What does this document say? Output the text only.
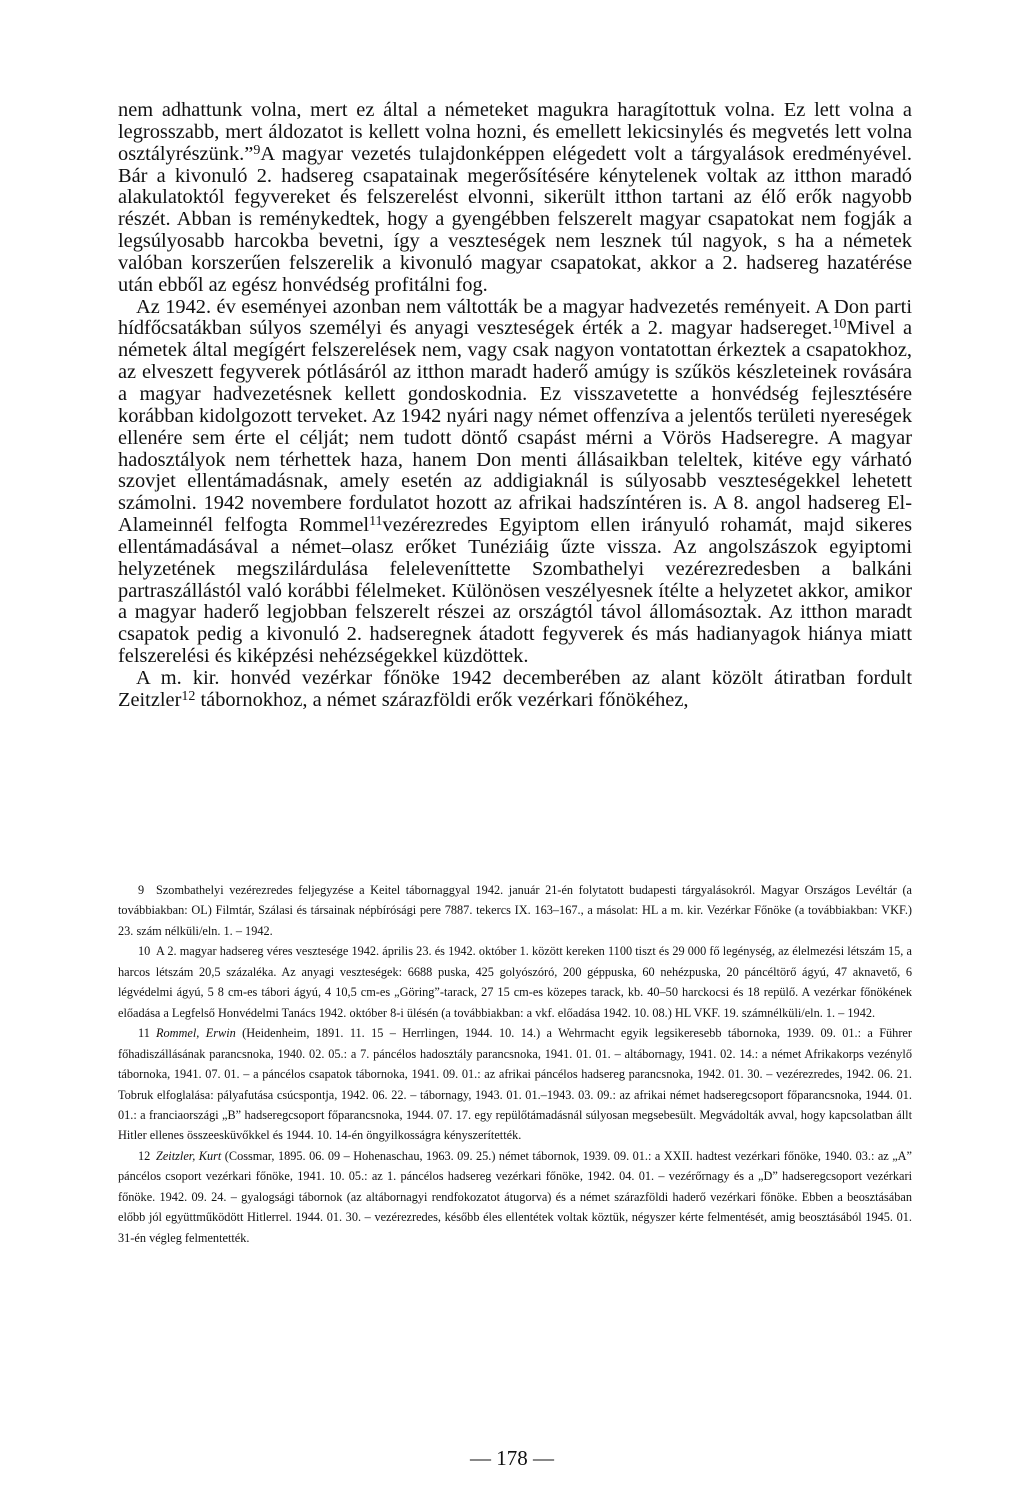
nem adhattunk volna, mert ez által a németeket magukra haragítottuk volna. Ez lett volna a legrosszabb, mert áldozatot is kellett volna hozni, és emellett lekicsinylés és megvetés lett volna osztályrészünk.”$^9$A magyar vezetés tulajdonképpen elégedett volt a tárgyalások eredményével. Bár a kivonuló 2. hadsereg csapatainak megerősítésére kénytelenek voltak az itthon maradó alakulatoktól fegyvereket és felszerelést elvonni, sikerült itthon tartani az élő erők nagyobb részét. Abban is reménykedtek, hogy a gyengébben felszerelt magyar csapatokat nem fogják a legsúlyosabb harcokba bevetni, így a veszteségek nem lesznek túl nagyok, s ha a németek valóban korszerűen felszerelik a kivonuló magyar csapatokat, akkor a 2. hadsereg hazatérése után ebből az egész honvédség profitálni fog.

Az 1942. év eseményei azonban nem váltották be a magyar hadvezetés reményeit. A Don parti hídfőcsatákban súlyos személyi és anyagi veszteségek érték a 2. magyar hadsereget.$^{10}$Mivel a németek által megígért felszerelések nem, vagy csak nagyon vontatottan érkeztek a csapatokhoz, az elveszett fegyverek pótlásáról az itthon maradt haderő amúgy is szűkös készleteinek rovására a magyar hadvezetésnek kellett gondoskodnia. Ez visszavetette a honvédség fejlesztésére korábban kidolgozott terveket. Az 1942 nyári nagy német offenzíva a jelentős területi nyereségek ellenére sem érte el célját; nem tudott döntő csapást mérni a Vörös Hadseregre. A magyar hadosztályok nem térhettek haza, hanem Don menti állásaikban teleltek, kitéve egy várható szovjet ellentámadásnak, amely esetén az addigiaknál is súlyosabb veszteségekkel lehetett számolni. 1942 novembere fordulatot hozott az afrikai hadszíntéren is. A 8. angol hadsereg El-Alameinnél felfogta Rommel$^{11}$vezérezredes Egyiptom ellen irányuló rohamát, majd sikeres ellentámadásával a német–olasz erőket Tunéziáig űzte vissza. Az angolszászok egyiptomi helyzetének megszilárdulása feleleveníttette Szombathelyi vezérezredesben a balkáni partraszállástól való korábbi félelmeket. Különösen veszélyesnek ítélte a helyzetet akkor, amikor a magyar haderő legjobban felszerelt részei az országtól távol állomásoztak. Az itthon maradt csapatok pedig a kivonuló 2. hadseregnek átadott fegyverek és más hadianyagok hiánya miatt felszerelési és kiképzési nehézségekkel küzdöttek.

A m. kir. honvéd vezérkar főnöke 1942 decemberében az alant közölt átiratban fordult Zeitzler$^{12}$ tábornokhoz, a német szárazföldi erők vezérkari főnökéhez,

9 Szombathelyi vezérezredes feljegyzése a Keitel tábornaggyal 1942. január 21-én folytatott budapesti tárgyalásokról. Magyar Országos Levéltár (a továbbiakban: OL) Filmtár, Szálasi és társainak népbírósági pere 7887. tekercs IX. 163–167., a másolat: HL a m. kir. Vezérkar Főnöke (a továbbiakban: VKF.) 23. szám nélküli/eln. 1. – 1942.

10 A 2. magyar hadsereg véres vesztesége 1942. április 23. és 1942. október 1. között kereken 1100 tiszt és 29 000 fő legénység, az élelmezési létszám 15, a harcos létszám 20,5 százaléka. Az anyagi veszteségek: 6688 puska, 425 golyószóró, 200 géppuska, 60 nehézpuska, 20 páncéltörő ágyú, 47 aknavető, 6 légvédelmi ágyú, 5 8 cm-es tábori ágyú, 4 10,5 cm-es „Göring”-tarack, 27 15 cm-es közepes tarack, kb. 40–50 harckocsi és 18 repülő. A vezérkar főnökének előadása a Legfelső Honvédelmi Tanács 1942. október 8-i ülésén (a továbbiakban: a vkf. előadása 1942. 10. 08.) HL VKF. 19. számnélküli/eln. 1. – 1942.

11 Rommel, Erwin (Heidenheim, 1891. 11. 15 – Herrlingen, 1944. 10. 14.) a Wehrmacht egyik legsikeresebb tábornoka, 1939. 09. 01.: a Führer főhadiszállásának parancsnoka, 1940. 02. 05.: a 7. páncélos hadosztály parancsnoka, 1941. 01. 01. – altábornagy, 1941. 02. 14.: a német Afrikakorps vezénylő tábornoka, 1941. 07. 01. – a páncélos csapatok tábornoka, 1941. 09. 01.: az afrikai páncélos hadsereg parancsnoka, 1942. 01. 30. – vezérezredes, 1942. 06. 21. Tobruk elfoglalása: pályafutása csúcspontja, 1942. 06. 22. – tábornagy, 1943. 01. 01.–1943. 03. 09.: az afrikai német hadseregcsoport főparancsnoka, 1944. 01. 01.: a franciaországi „B” hadseregcsoport főparancsnoka, 1944. 07. 17. egy repülőtámadásnál súlyosan megsebesült. Megvádolták avval, hogy kapcsolatban állt Hitler ellenes összeesküvőkkel és 1944. 10. 14-én öngyilkosságra kényszerítették.

12 Zeitzler, Kurt (Cossmar, 1895. 06. 09 – Hohenaschau, 1963. 09. 25.) német tábornok, 1939. 09. 01.: a XXII. hadtest vezérkari főnöke, 1940. 03.: az „A” páncélos csoport vezérkari főnöke, 1941. 10. 05.: az 1. páncélos hadsereg vezérkari főnöke, 1942. 04. 01. – vezérőrnagy és a „D” hadseregcsoport vezérkari főnöke. 1942. 09. 24. – gyalogsági tábornok (az altábornagyi rendfokozatot átugorva) és a német szárazföldi haderő vezérkari főnöke. Ebben a beosztásában előbb jól együttműködött Hitlerrel. 1944. 01. 30. – vezérezredes, később éles ellentétek voltak köztük, négyszer kérte felmentését, amig beosztásából 1945. 01. 31-én végleg felmentették.

— 178 —
